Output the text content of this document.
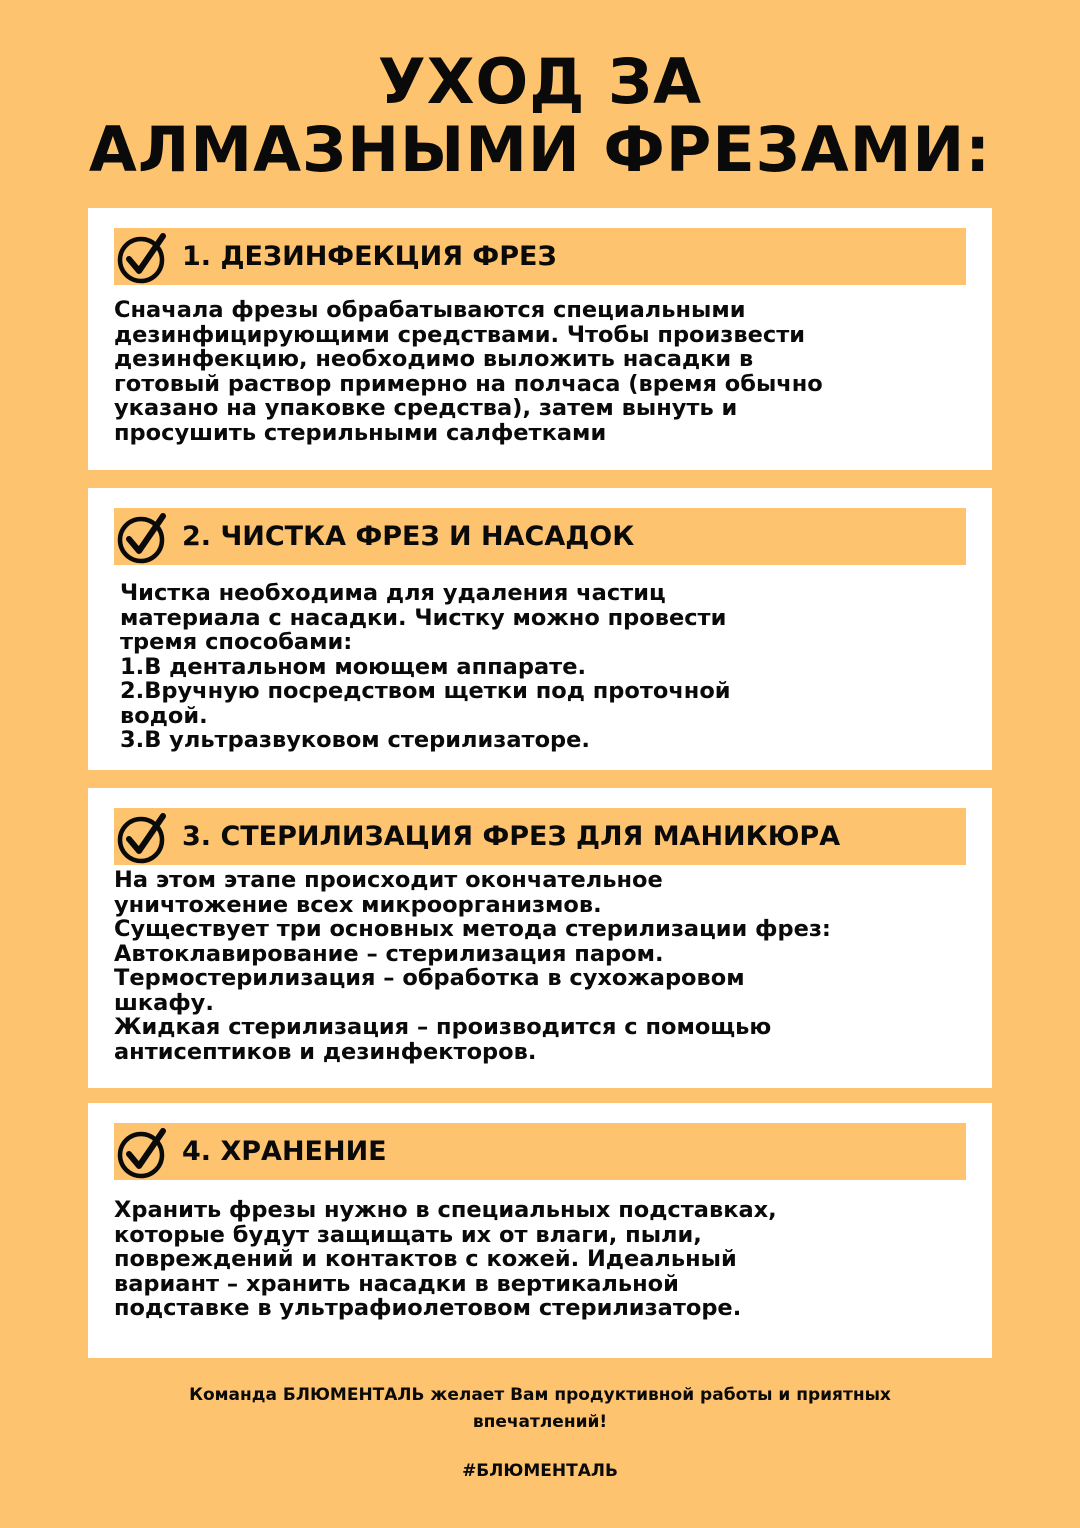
УХОД ЗА
АЛМАЗНЫМИ ФРЕЗАМИ:
1. ДЕЗИНФЕКЦИЯ ФРЕЗ
Сначала фрезы обрабатываются специальными
дезинфицирующими средствами. Чтобы произвести
дезинфекцию, необходимо выложить насадки в
готовый раствор примерно на полчаса (время обычно
указано на упаковке средства), затем вынуть и
просушить стерильными салфетками
2. ЧИСТКА ФРЕЗ И НАСАДОК
Чистка необходима для удаления частиц
материала с насадки. Чистку можно провести
тремя способами:
1.В дентальном моющем аппарате.
2.Вручную посредством щетки под проточной
водой.
3.В ультразвуковом стерилизаторе.
3. СТЕРИЛИЗАЦИЯ ФРЕЗ ДЛЯ МАНИКЮРА
На этом этапе происходит окончательное
уничтожение всех микроорганизмов.
Существует три основных метода стерилизации фрез:
Автоклавирование – стерилизация паром.
Термостерилизация – обработка в сухожаровом
шкафу.
Жидкая стерилизация – производится с помощью
антисептиков и дезинфекторов.
4. ХРАНЕНИЕ
Хранить фрезы нужно в специальных подставках,
которые будут защищать их от влаги, пыли,
повреждений и контактов с кожей. Идеальный
вариант – хранить насадки в вертикальной
подставке в ультрафиолетовом стерилизаторе.
Команда БЛЮМЕНТАЛЬ желает Вам продуктивной работы и приятных
впечатлений!
#БЛЮМЕНТАЛЬ
